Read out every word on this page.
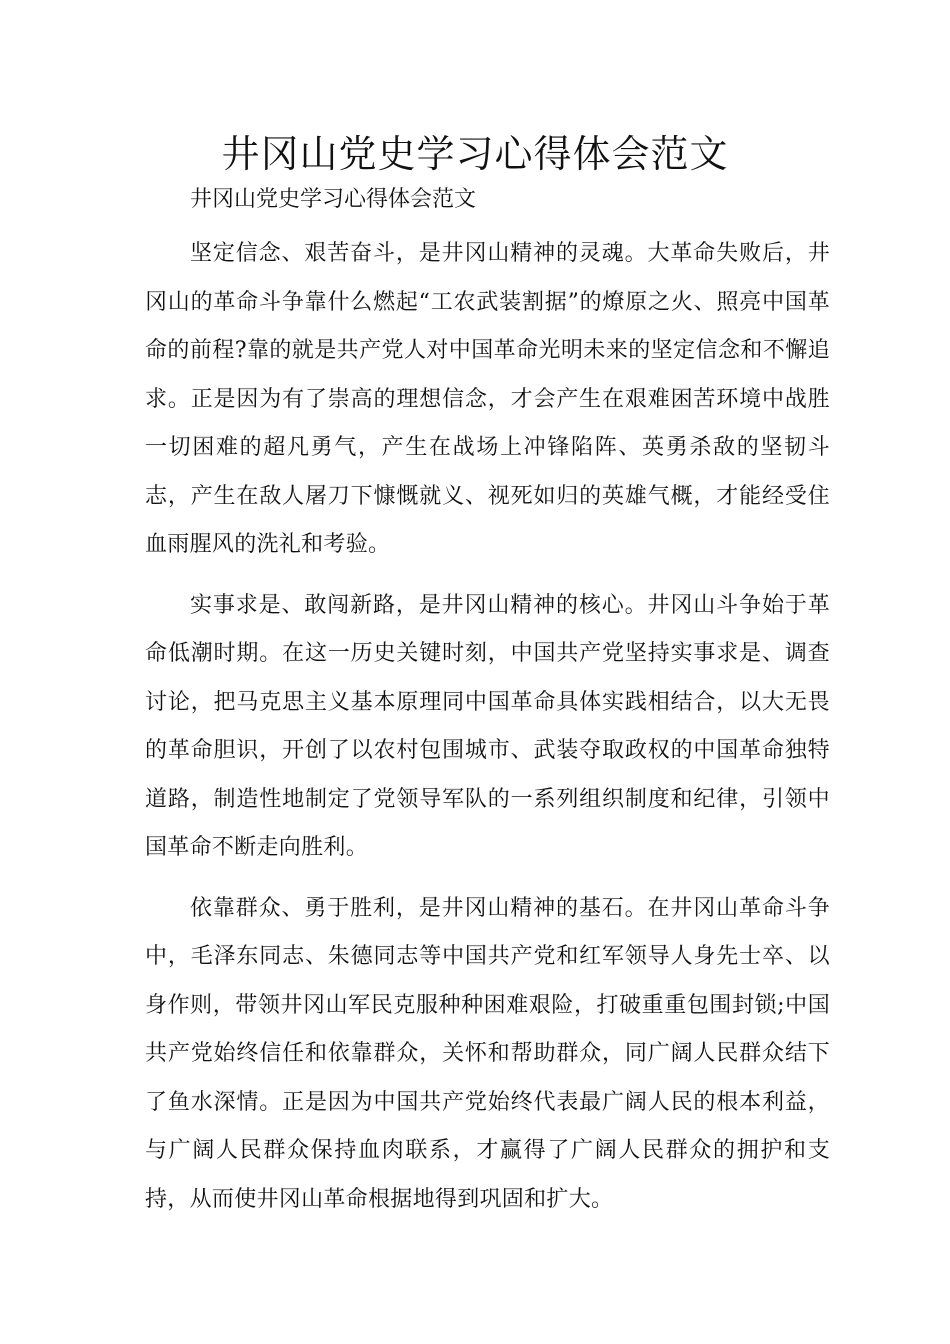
井冈山党史学习心得体会范文

井冈山党史学习心得体会范文

坚定信念、艰苦奋斗，是井冈山精神的灵魂。大革命失败后，井冈山的革命斗争靠什么燃起“工农武装割据”的燎原之火、照亮中国革命的前程?靠的就是共产党人对中国革命光明未来的坚定信念和不懈追求。正是因为有了崇高的理想信念，才会产生在艰难困苦环境中战胜一切困难的超凡勇气，产生在战场上冲锋陷阵、英勇杀敌的坚韧斗志，产生在敌人屠刀下慷慨就义、视死如归的英雄气概，才能经受住血雨腥风的洗礼和考验。

实事求是、敢闯新路，是井冈山精神的核心。井冈山斗争始于革命低潮时期。在这一历史关键时刻，中国共产党坚持实事求是、调查讨论，把马克思主义基本原理同中国革命具体实践相结合，以大无畏的革命胆识，开创了以农村包围城市、武装夺取政权的中国革命独特道路，制造性地制定了党领导军队的一系列组织制度和纪律，引领中国革命不断走向胜利。

依靠群众、勇于胜利，是井冈山精神的基石。在井冈山革命斗争中，毛泽东同志、朱德同志等中国共产党和红军领导人身先士卒、以身作则，带领井冈山军民克服种种困难艰险，打破重重包围封锁;中国共产党始终信任和依靠群众，关怀和帮助群众，同广阔人民群众结下了鱼水深情。正是因为中国共产党始终代表最广阔人民的根本利益，与广阔人民群众保持血肉联系，才赢得了广阔人民群众的拥护和支持，从而使井冈山革命根据地得到巩固和扩大。
